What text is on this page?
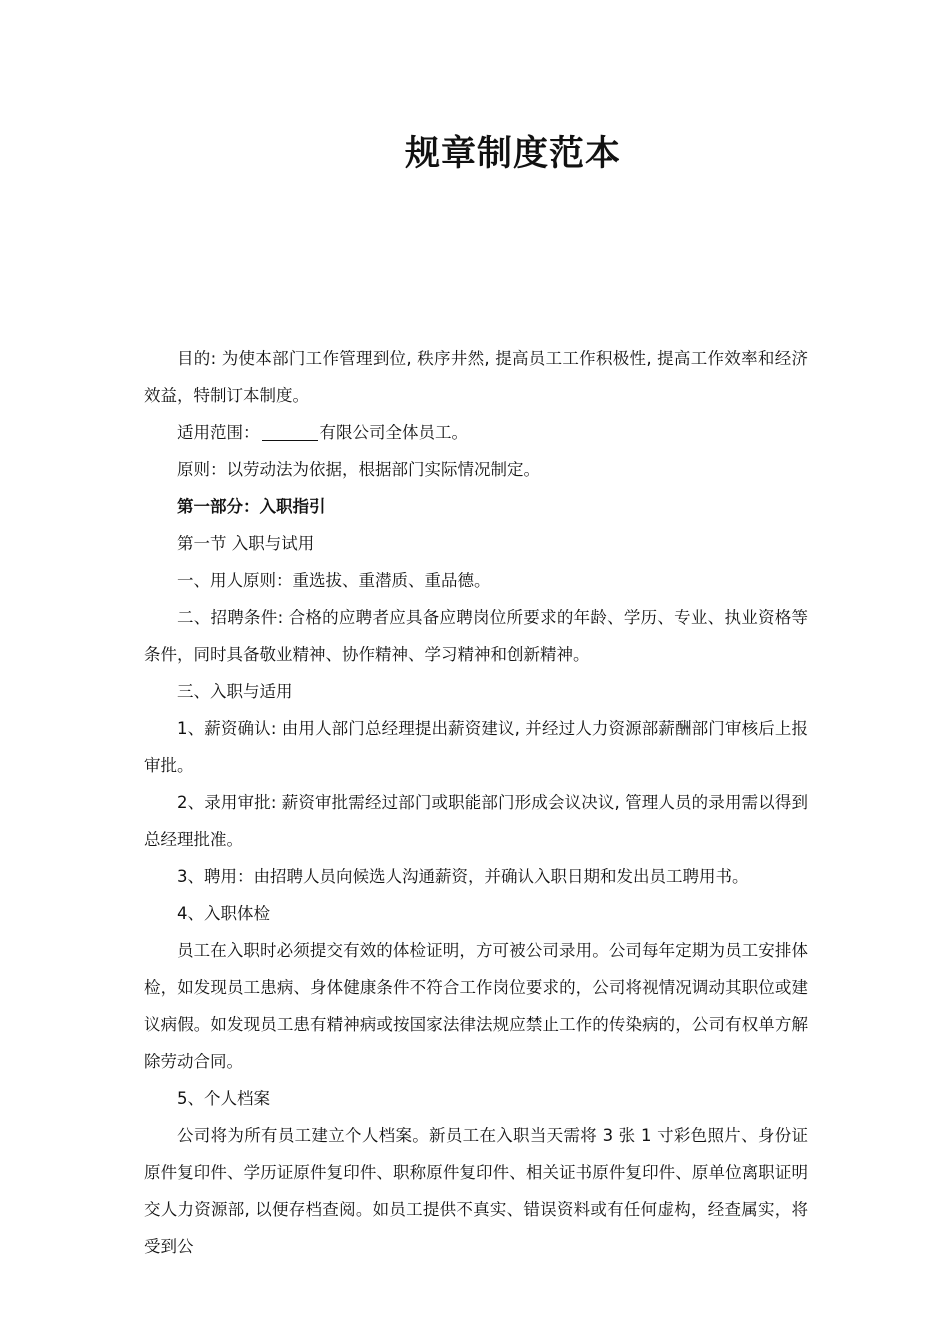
规章制度范本

目的: 为使本部门工作管理到位, 秩序井然, 提高员工工作积极性, 提高工作效率和经济效益，特制订本制度。

适用范围：	有限公司全体员工。

原则：以劳动法为依据，根据部门实际情况制定。

第一部分：入职指引

第一节 入职与试用

一、用人原则：重选拔、重潜质、重品德。

二、招聘条件: 合格的应聘者应具备应聘岗位所要求的年龄、学历、专业、执业资格等条件，同时具备敬业精神、协作精神、学习精神和创新精神。

三、入职与适用

1、薪资确认: 由用人部门总经理提出薪资建议, 并经过人力资源部薪酬部门审核后上报审批。

2、录用审批: 薪资审批需经过部门或职能部门形成会议决议, 管理人员的录用需以得到总经理批准。

3、聘用：由招聘人员向候选人沟通薪资，并确认入职日期和发出员工聘用书。

4、入职体检

员工在入职时必须提交有效的体检证明，方可被公司录用。公司每年定期为员工安排体检，如发现员工患病、身体健康条件不符合工作岗位要求的，公司将视情况调动其职位或建议病假。如发现员工患有精神病或按国家法律法规应禁止工作的传染病的，公司有权单方解除劳动合同。

5、个人档案

公司将为所有员工建立个人档案。新员工在入职当天需将 3 张 1 寸彩色照片、身份证原件复印件、学历证原件复印件、职称原件复印件、相关证书原件复印件、原单位离职证明交人力资源部, 以便存档查阅。如员工提供不真实、错误资料或有任何虚构，经查属实，将受到公
